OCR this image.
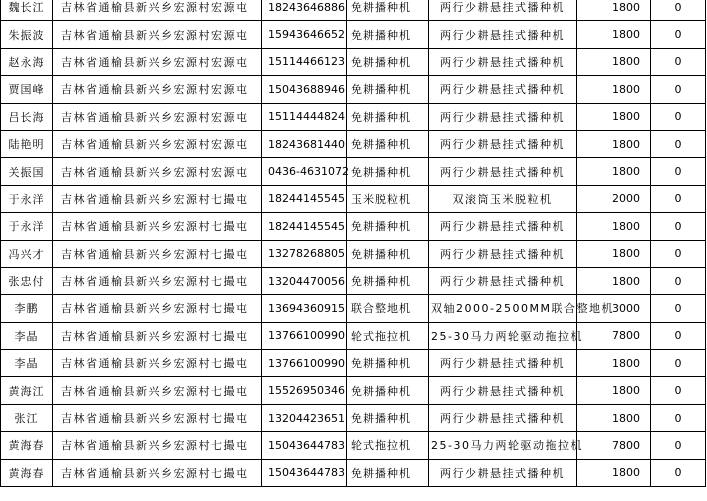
魏长江	吉林省通榆县新兴乡宏源村宏源屯	18243646886	免耕播种机	两行少耕悬挂式播种机	1800	0
朱振波	吉林省通榆县新兴乡宏源村宏源屯	15943646652	免耕播种机	两行少耕悬挂式播种机	1800	0
赵永海	吉林省通榆县新兴乡宏源村宏源屯	15114466123	免耕播种机	两行少耕悬挂式播种机	1800	0
贾国峰	吉林省通榆县新兴乡宏源村宏源屯	15043688946	免耕播种机	两行少耕悬挂式播种机	1800	0
吕长海	吉林省通榆县新兴乡宏源村宏源屯	15114444824	免耕播种机	两行少耕悬挂式播种机	1800	0
陆艳明	吉林省通榆县新兴乡宏源村宏源屯	18243681440	免耕播种机	两行少耕悬挂式播种机	1800	0
关振国	吉林省通榆县新兴乡宏源村宏源屯	0436-4631072	免耕播种机	两行少耕悬挂式播种机	1800	0
于永洋	吉林省通榆县新兴乡宏源村七撮屯	18244145545	玉米脱粒机	双滚筒玉米脱粒机	2000	0
于永洋	吉林省通榆县新兴乡宏源村七撮屯	18244145545	免耕播种机	两行少耕悬挂式播种机	1800	0
冯兴才	吉林省通榆县新兴乡宏源村七撮屯	13278268805	免耕播种机	两行少耕悬挂式播种机	1800	0
张忠付	吉林省通榆县新兴乡宏源村七撮屯	13204470056	免耕播种机	两行少耕悬挂式播种机	1800	0
李鹏	吉林省通榆县新兴乡宏源村七撮屯	13694360915	联合整地机	双轴2000-2500MM联合整地机	3000	0
李晶	吉林省通榆县新兴乡宏源村七撮屯	13766100990	轮式拖拉机	25-30马力两轮驱动拖拉机	7800	0
李晶	吉林省通榆县新兴乡宏源村七撮屯	13766100990	免耕播种机	两行少耕悬挂式播种机	1800	0
黄海江	吉林省通榆县新兴乡宏源村七撮屯	15526950346	免耕播种机	两行少耕悬挂式播种机	1800	0
张江	吉林省通榆县新兴乡宏源村七撮屯	13204423651	免耕播种机	两行少耕悬挂式播种机	1800	0
黄海春	吉林省通榆县新兴乡宏源村七撮屯	15043644783	轮式拖拉机	25-30马力两轮驱动拖拉机	7800	0
黄海春	吉林省通榆县新兴乡宏源村七撮屯	15043644783	免耕播种机	两行少耕悬挂式播种机	1800	0
